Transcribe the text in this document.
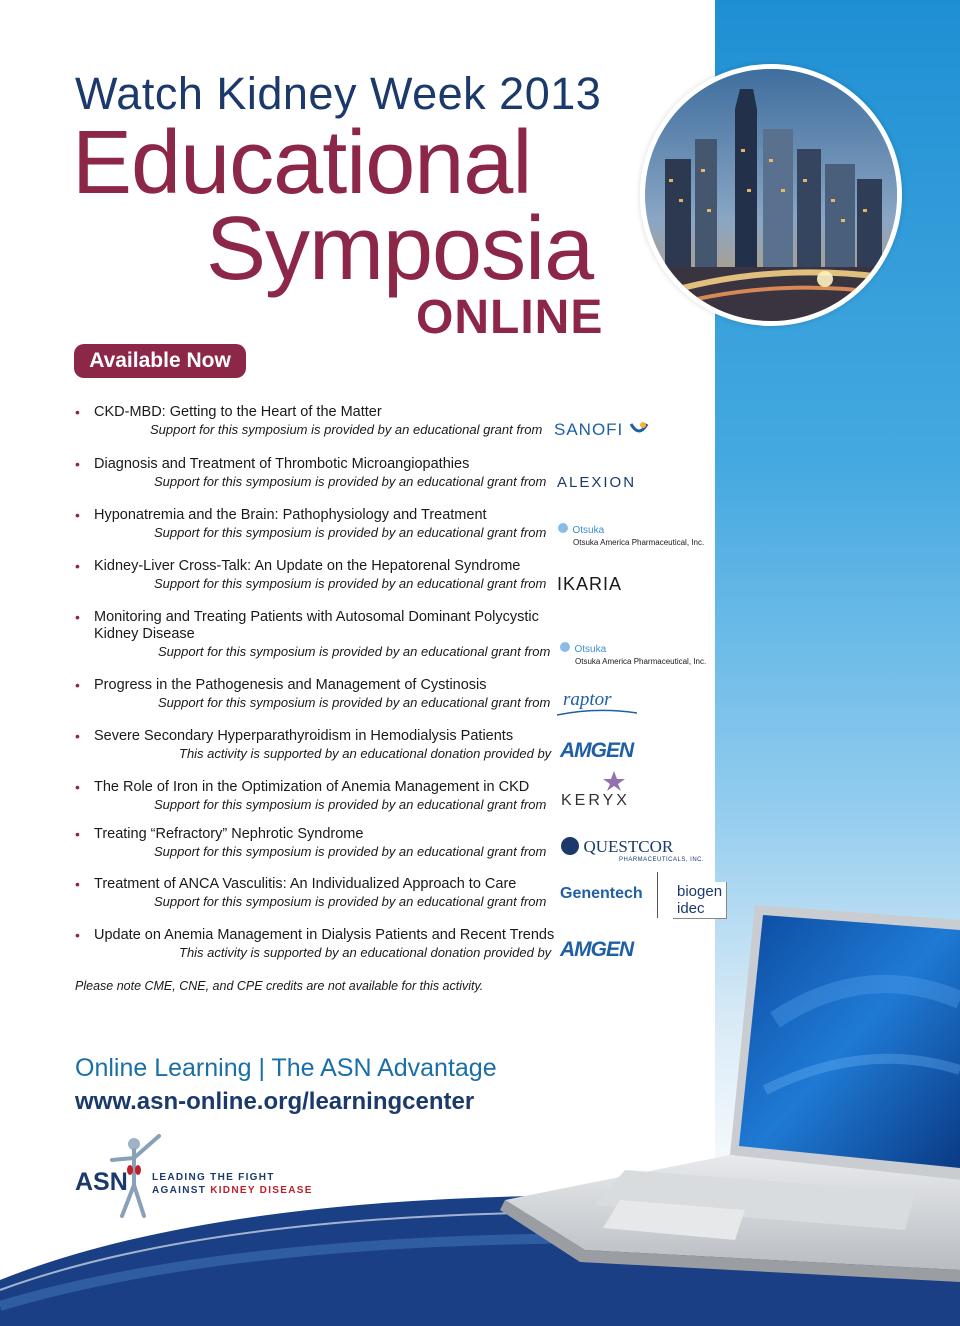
Watch Kidney Week 2013
Educational
Symposia
ONLINE
Available Now
• CKD-MBD: Getting to the Heart of the Matter
Support for this symposium is provided by an educational grant from SANOFI
• Diagnosis and Treatment of Thrombotic Microangiopathies
Support for this symposium is provided by an educational grant from ALEXION
• Hyponatremia and the Brain: Pathophysiology and Treatment
Support for this symposium is provided by an educational grant from	Otsuka
Otsuka America Pharmaceutical, Inc.
• Kidney-Liver Cross-Talk: An Update on the Hepatorenal Syndrome
Support for this symposium is provided by an educational grant from IKARIA
• Monitoring and Treating Patients with Autosomal Dominant Polycystic
Kidney Disease
Support for this symposium is provided by an educational grant from	Otsuka
Otsuka America Pharmaceutical, Inc.
• Progress in the Pathogenesis and Management of Cystinosis
Support for this symposium is provided by an educational grant from raptor
• Severe Secondary Hyperparathyroidism in Hemodialysis Patients
This activity is supported by an educational donation provided by AMGEN
• The Role of Iron in the Optimization of Anemia Management in CKD
Support for this symposium is provided by an educational grant from KERYX
• Treating “Refractory” Nephrotic Syndrome
Support for this symposium is provided by an educational grant from	QUESTCOR
PHARMACEUTICALS, INC.
• Treatment of ANCA Vasculitis: An Individualized Approach to Care
Support for this symposium is provided by an educational grant from Genentech biogen idec
• Update on Anemia Management in Dialysis Patients and Recent Trends
This activity is supported by an educational donation provided by AMGEN
Please note CME, CNE, and CPE credits are not available for this activity.
Online Learning | The ASN Advantage
www.asn-online.org/learningcenter
ASN LEADING THE FIGHT
AGAINST KIDNEY DISEASE
